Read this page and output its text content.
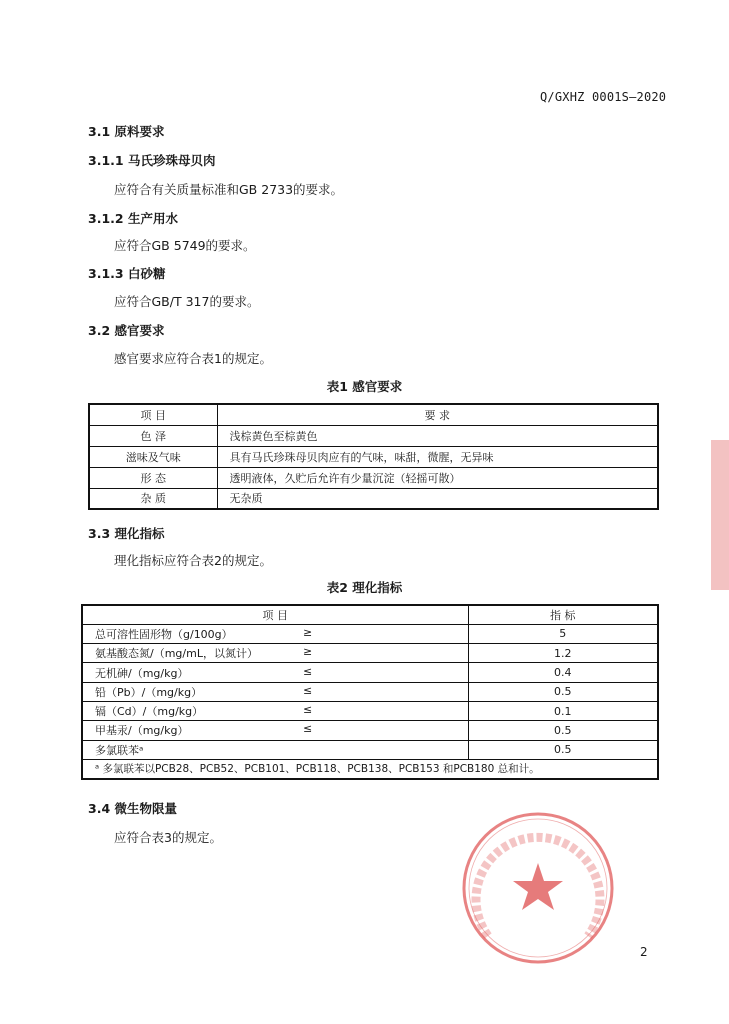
Q/GXHZ 0001S—2020
3.1 原料要求
3.1.1 马氏珍珠母贝肉
应符合有关质量标准和GB 2733的要求。
3.1.2 生产用水
应符合GB 5749的要求。
3.1.3 白砂糖
应符合GB/T 317的要求。
3.2 感官要求
感官要求应符合表1的规定。
表1 感官要求
项 目	要 求
色 泽	浅棕黄色至棕黄色
滋味及气味	具有马氏珍珠母贝肉应有的气味，味甜，微腥，无异味
形 态	透明液体，久贮后允许有少量沉淀（轻摇可散）
杂 质	无杂质
3.3 理化指标
理化指标应符合表2的规定。
表2 理化指标
项 目	指 标
总可溶性固形物（g/100g） ≥	5
氨基酸态氮/（mg/mL，以氮计） ≥	1.2
无机砷/（mg/kg） ≤	0.4
铅（Pb）/（mg/kg） ≤	0.5
镉（Cd）/（mg/kg） ≤	0.1
甲基汞/（mg/kg） ≤	0.5
多氯联苯ᵃ	0.5
ᵃ 多氯联苯以PCB28、PCB52、PCB101、PCB118、PCB138、PCB153 和PCB180 总和计。	
3.4 微生物限量
应符合表3的规定。
2
